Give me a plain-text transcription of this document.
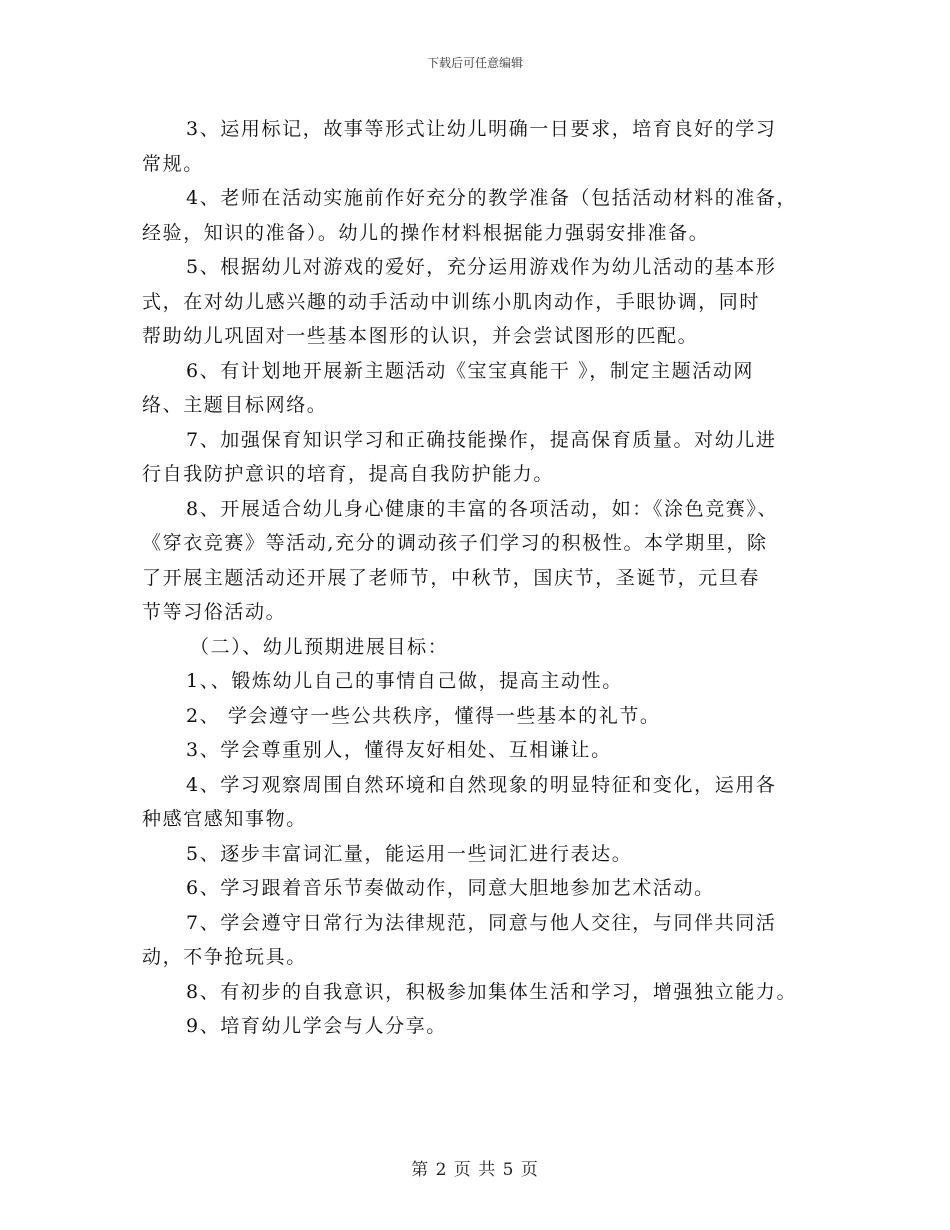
下载后可任意编辑

3、运用标记，故事等形式让幼儿明确一日要求，培育良好的学习
常规。

4、老师在活动实施前作好充分的教学准备（包括活动材料的准备，
经验，知识的准备）。幼儿的操作材料根据能力强弱安排准备。

5、根据幼儿对游戏的爱好，充分运用游戏作为幼儿活动的基本形
式，在对幼儿感兴趣的动手活动中训练小肌肉动作，手眼协调，同时
帮助幼儿巩固对一些基本图形的认识，并会尝试图形的匹配。

6、有计划地开展新主题活动《宝宝真能干 》，制定主题活动网
络、主题目标网络。

7、加强保育知识学习和正确技能操作，提高保育质量。对幼儿进
行自我防护意识的培育，提高自我防护能力。

8、开展适合幼儿身心健康的丰富的各项活动，如：《涂色竞赛》、
《穿衣竞赛》等活动,充分的调动孩子们学习的积极性。本学期里，除
了开展主题活动还开展了老师节，中秋节，国庆节，圣诞节，元旦春
节等习俗活动。

（二）、幼儿预期进展目标：

1、、锻炼幼儿自己的事情自己做，提高主动性。

2、 学会遵守一些公共秩序，懂得一些基本的礼节。

3、学会尊重别人，懂得友好相处、互相谦让。

4、学习观察周围自然环境和自然现象的明显特征和变化，运用各
种感官感知事物。

5、逐步丰富词汇量，能运用一些词汇进行表达。

6、学习跟着音乐节奏做动作，同意大胆地参加艺术活动。

7、学会遵守日常行为法律规范，同意与他人交往，与同伴共同活
动，不争抢玩具。

8、有初步的自我意识，积极参加集体生活和学习，增强独立能力。

9、培育幼儿学会与人分享。

第 2 页 共 5 页
